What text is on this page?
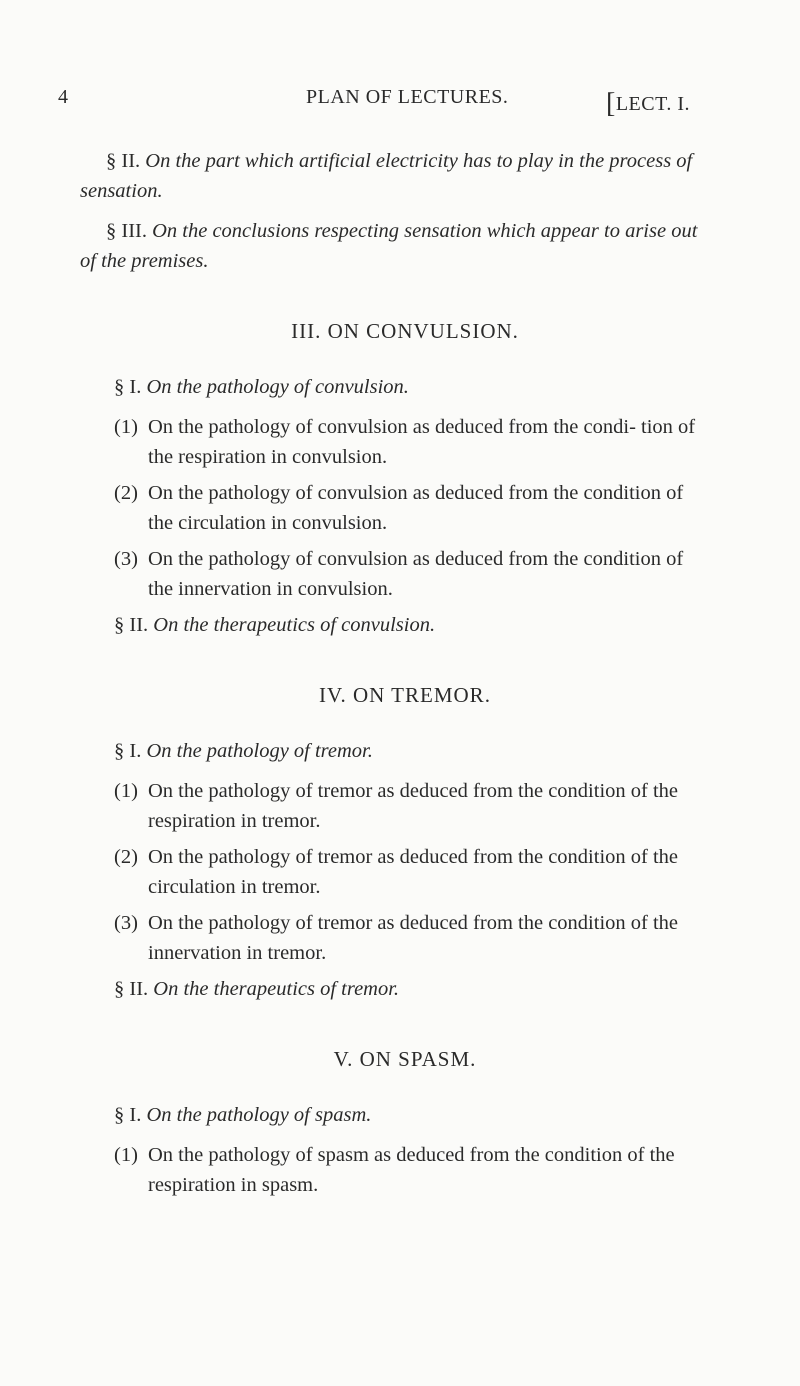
4	PLAN OF LECTURES.	[LECT. I.

§ II. On the part which artificial electricity has to play in the process of sensation.

§ III. On the conclusions respecting sensation which appear to arise out of the premises.

III. ON CONVULSION.

§ I. On the pathology of convulsion.

(1) On the pathology of convulsion as deduced from the condi- tion of the respiration in convulsion.

(2) On the pathology of convulsion as deduced from the condition of the circulation in convulsion.

(3) On the pathology of convulsion as deduced from the condition of the innervation in convulsion.

§ II. On the therapeutics of convulsion.

IV. ON TREMOR.

§ I. On the pathology of tremor.

(1) On the pathology of tremor as deduced from the condition of the respiration in tremor.

(2) On the pathology of tremor as deduced from the condition of the circulation in tremor.

(3) On the pathology of tremor as deduced from the condition of the innervation in tremor.

§ II. On the therapeutics of tremor.

V. ON SPASM.

§ I. On the pathology of spasm.

(1) On the pathology of spasm as deduced from the condition of the respiration in spasm.
